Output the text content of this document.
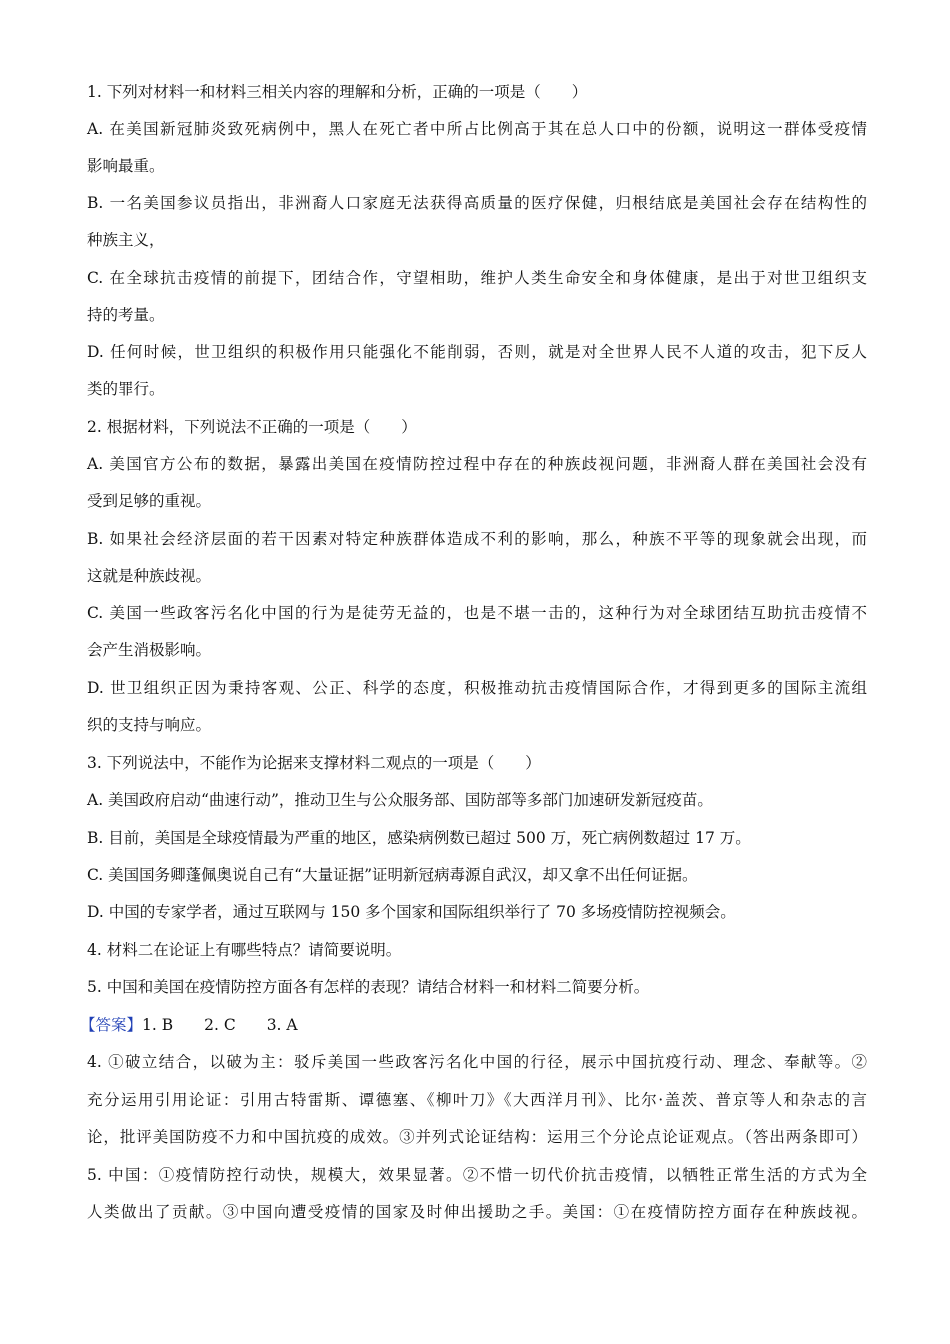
1. 下列对材料一和材料三相关内容的理解和分析，正确的一项是（　　）
A. 在美国新冠肺炎致死病例中，黑人在死亡者中所占比例高于其在总人口中的份额，说明这一群体受疫情
影响最重。
B. 一名美国参议员指出，非洲裔人口家庭无法获得高质量的医疗保健，归根结底是美国社会存在结构性的
种族主义，
C. 在全球抗击疫情的前提下，团结合作，守望相助，维护人类生命安全和身体健康，是出于对世卫组织支
持的考量。
D. 任何时候，世卫组织的积极作用只能强化不能削弱，否则，就是对全世界人民不人道的攻击，犯下反人
类的罪行。
2. 根据材料，下列说法不正确的一项是（　　）
A. 美国官方公布的数据，暴露出美国在疫情防控过程中存在的种族歧视问题，非洲裔人群在美国社会没有
受到足够的重视。
B. 如果社会经济层面的若干因素对特定种族群体造成不利的影响，那么，种族不平等的现象就会出现，而
这就是种族歧视。
C. 美国一些政客污名化中国的行为是徒劳无益的，也是不堪一击的，这种行为对全球团结互助抗击疫情不
会产生消极影响。
D. 世卫组织正因为秉持客观、公正、科学的态度，积极推动抗击疫情国际合作，才得到更多的国际主流组
织的支持与响应。
3. 下列说法中，不能作为论据来支撑材料二观点的一项是（　　）
A. 美国政府启动“曲速行动”，推动卫生与公众服务部、国防部等多部门加速研发新冠疫苗。
B. 目前，美国是全球疫情最为严重的地区，感染病例数已超过 500 万，死亡病例数超过 17 万。
C. 美国国务卿蓬佩奥说自己有“大量证据”证明新冠病毒源自武汉，却又拿不出任何证据。
D. 中国的专家学者，通过互联网与 150 多个国家和国际组织举行了 70 多场疫情防控视频会。
4. 材料二在论证上有哪些特点？请简要说明。
5. 中国和美国在疫情防控方面各有怎样的表现？请结合材料一和材料二简要分析。
【答案】1. B　　2. C　　3. A
4. ①破立结合，以破为主：驳斥美国一些政客污名化中国的行径，展示中国抗疫行动、理念、奉献等。②
充分运用引用论证：引用古特雷斯、谭德塞、《柳叶刀》《大西洋月刊》、比尔·盖茨、普京等人和杂志的言
论，批评美国防疫不力和中国抗疫的成效。③并列式论证结构：运用三个分论点论证观点。（答出两条即可）
5. 中国：①疫情防控行动快，规模大，效果显著。②不惜一切代价抗击疫情，以牺牲正常生活的方式为全
人类做出了贡献。③中国向遭受疫情的国家及时伸出援助之手。美国：①在疫情防控方面存在种族歧视。
